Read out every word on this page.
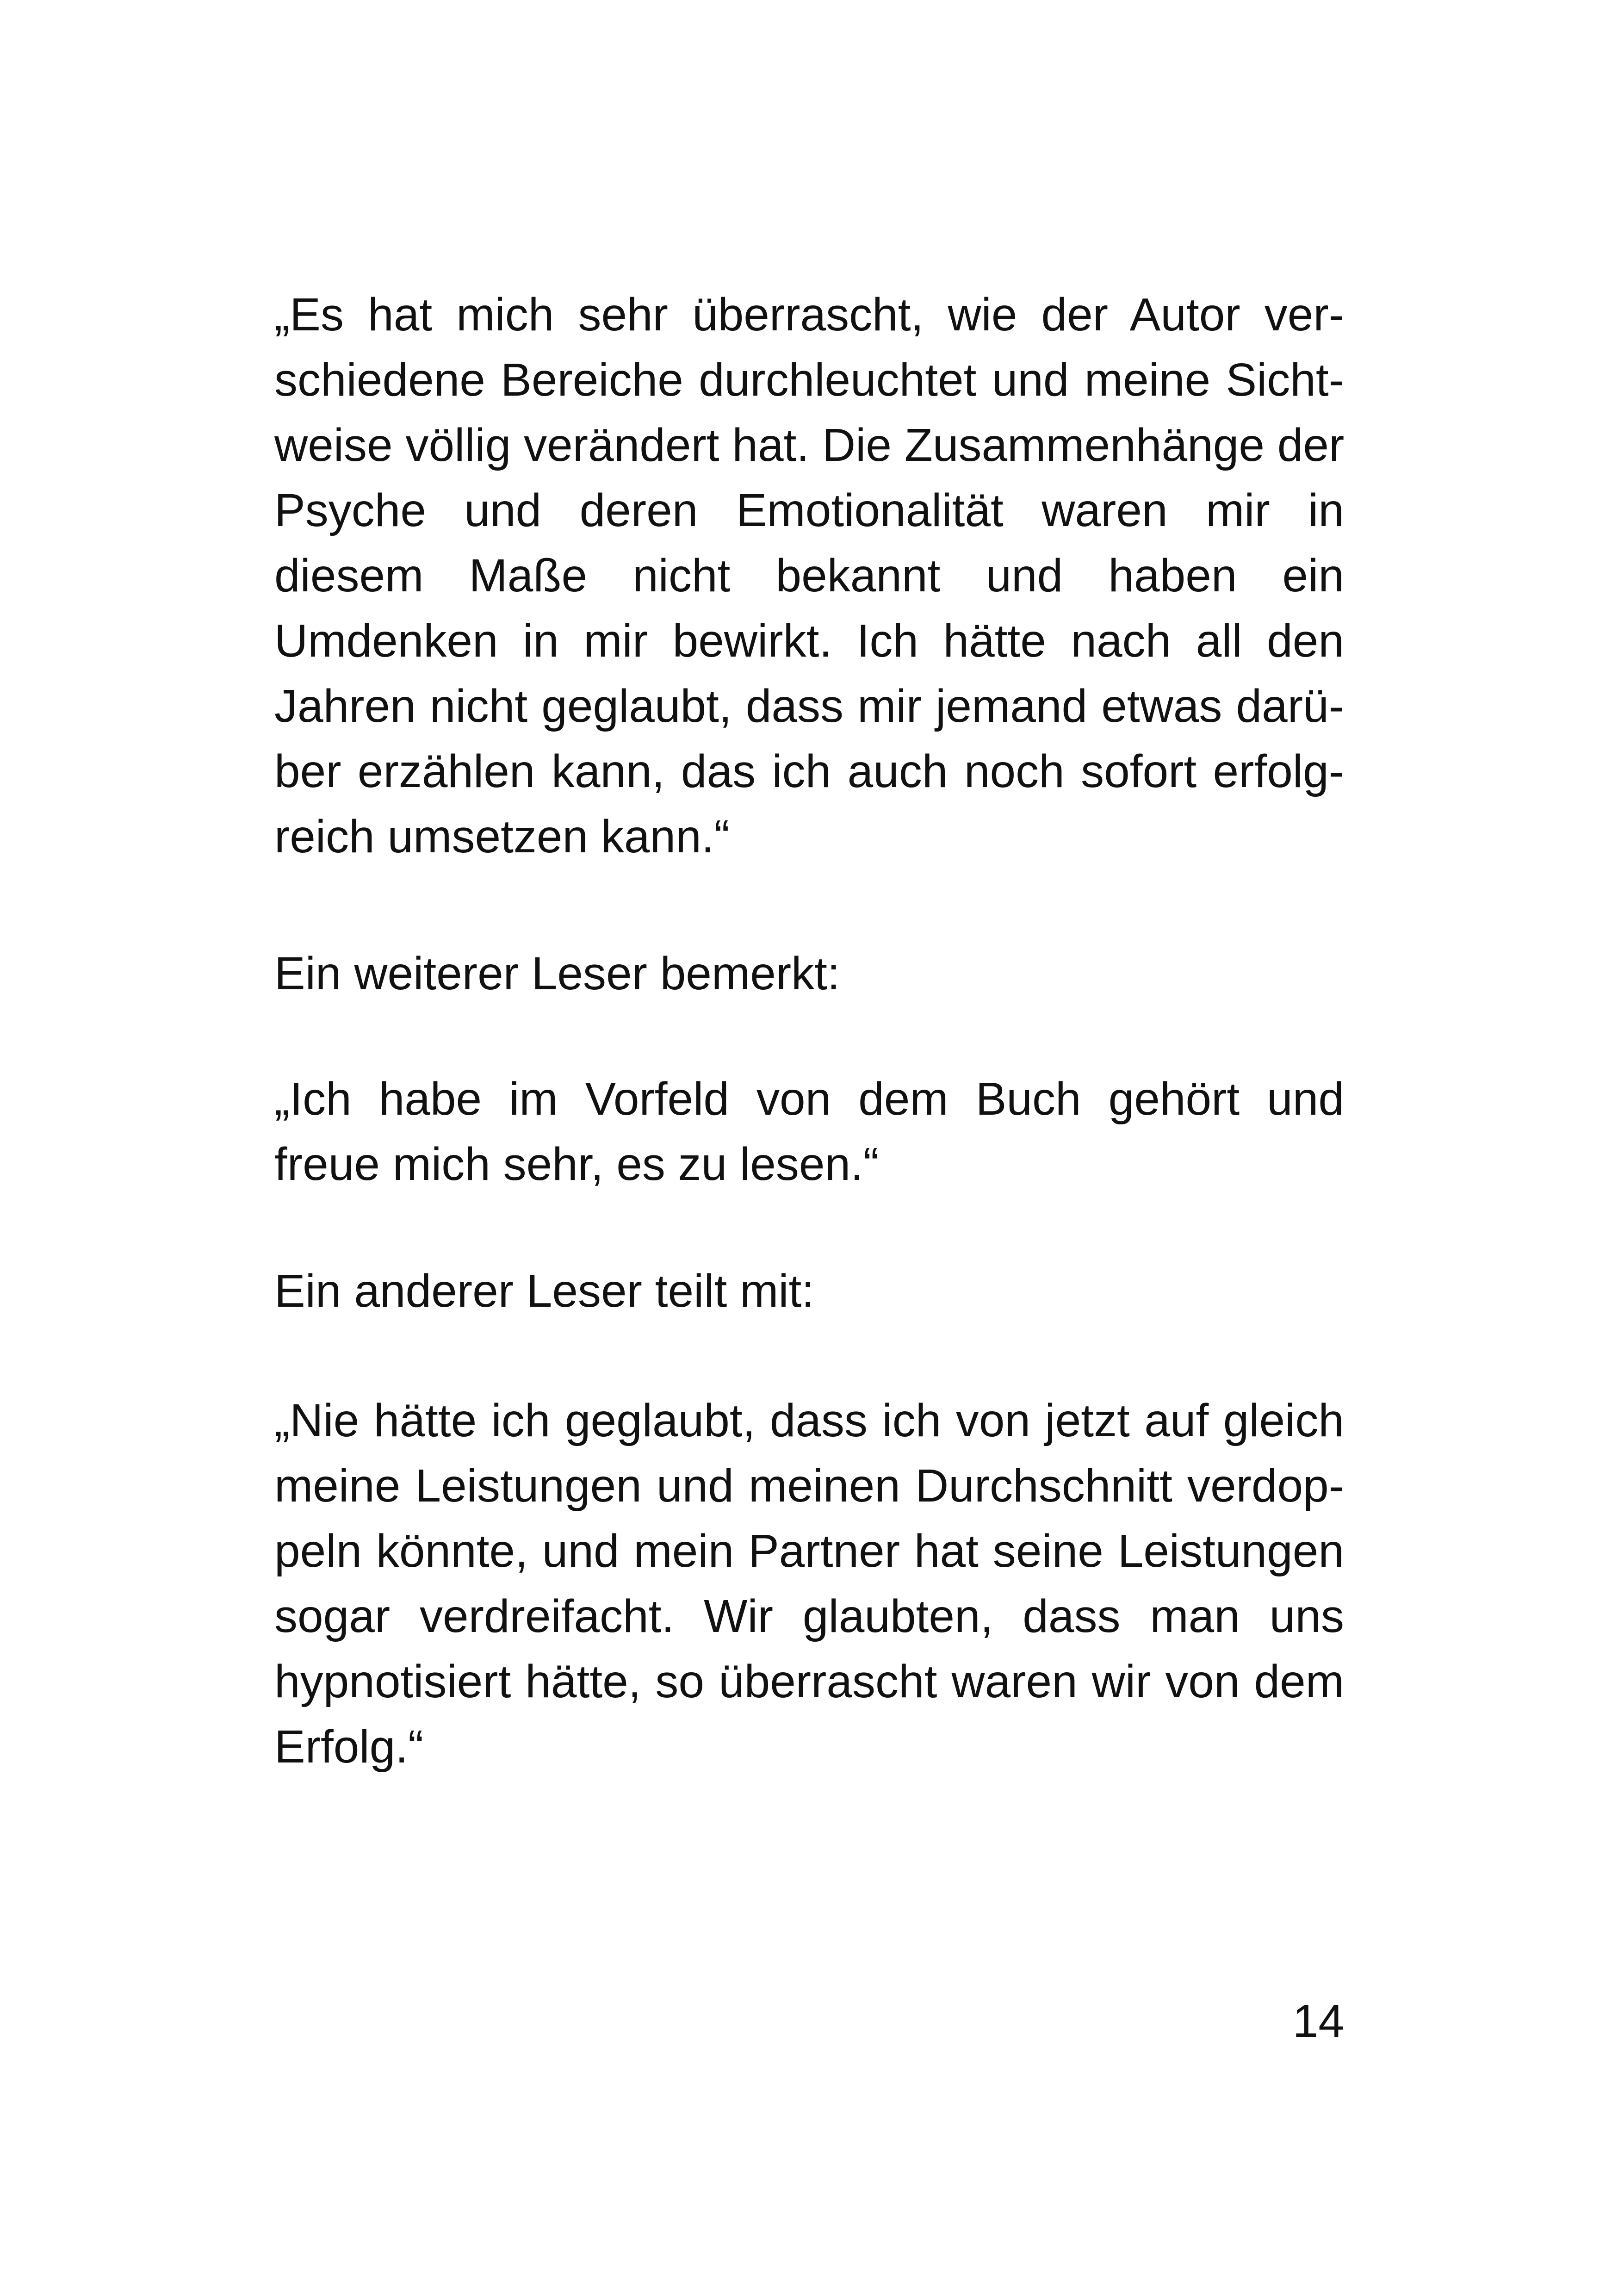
„Es hat mich sehr überrascht, wie der Autor ver-
schiedene Bereiche durchleuchtet und meine Sicht-
weise völlig verändert hat. Die Zusammenhänge der
Psyche und deren Emotionalität waren mir in
diesem Maße nicht bekannt und haben ein
Umdenken in mir bewirkt. Ich hätte nach all den
Jahren nicht geglaubt, dass mir jemand etwas darü-
ber erzählen kann, das ich auch noch sofort erfolg-
reich umsetzen kann.“
Ein weiterer Leser bemerkt:
„Ich habe im Vorfeld von dem Buch gehört und
freue mich sehr, es zu lesen.“
Ein anderer Leser teilt mit:
„Nie hätte ich geglaubt, dass ich von jetzt auf gleich
meine Leistungen und meinen Durchschnitt verdop-
peln könnte, und mein Partner hat seine Leistungen
sogar verdreifacht. Wir glaubten, dass man uns
hypnotisiert hätte, so überrascht waren wir von dem
Erfolg.“
14
